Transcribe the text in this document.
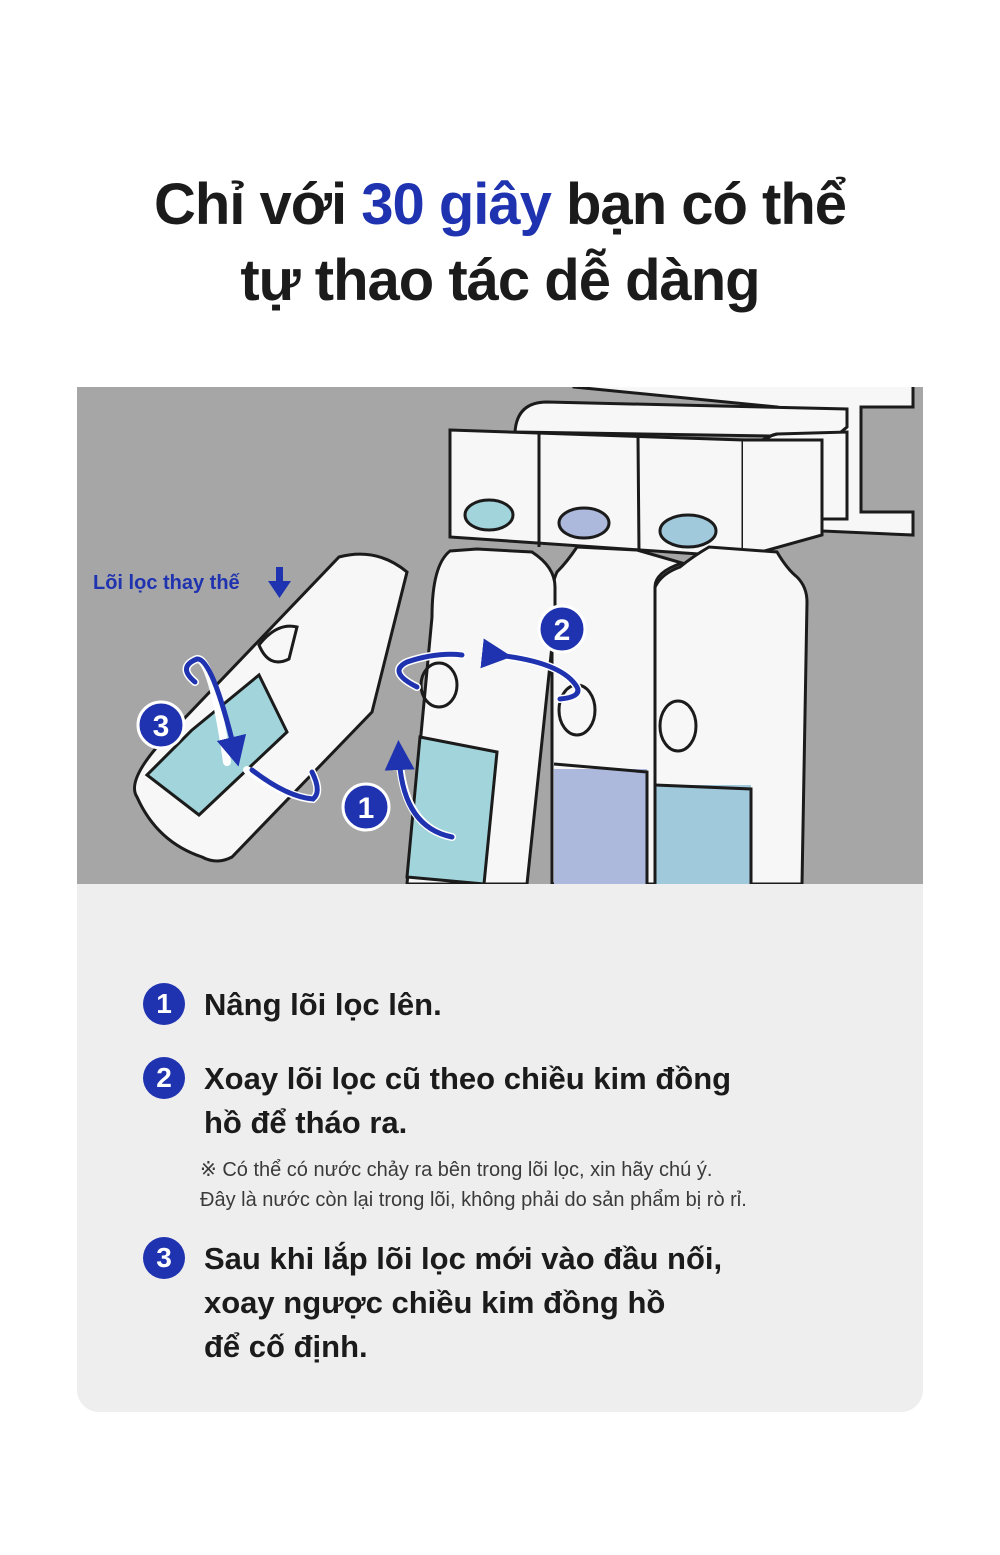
Chỉ với 30 giây bạn có thể
tự thao tác dễ dàng
1
2
3
Lõi lọc thay thế
1	Nâng lõi lọc lên.
2	Xoay lõi lọc cũ theo chiều kim đồng
hồ để tháo ra.
※ Có thể có nước chảy ra bên trong lõi lọc, xin hãy chú ý.
Đây là nước còn lại trong lõi, không phải do sản phẩm bị rò rỉ.
3	Sau khi lắp lõi lọc mới vào đầu nối,
xoay ngược chiều kim đồng hồ
để cố định.
